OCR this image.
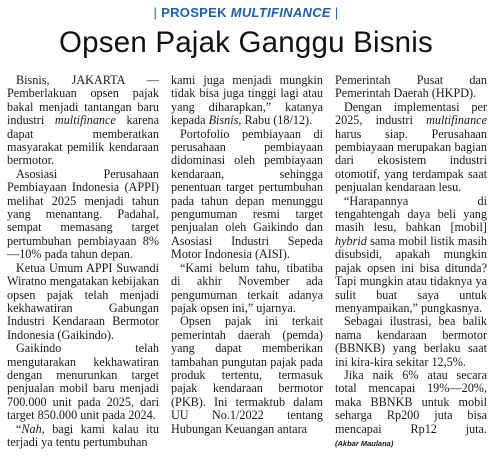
| PROSPEK MULTIFINANCE |
Opsen Pajak Ganggu Bisnis

Bisnis, JAKARTA — Pemberlakuan opsen pajak bakal menjadi tantangan baru industri multifinance karena dapat memberatkan masyarakat pemilik kendaraan bermotor.

Asosiasi Perusahaan Pembiayaan Indonesia (APPI) melihat 2025 menjadi tahun yang menantang. Padahal, sempat memasang target pertumbuhan pembiayaan 8%—10% pada tahun depan.

Ketua Umum APPI Suwandi Wiratno mengatakan kebijakan opsen pajak telah menjadi kekhawatiran Gabungan Industri Kendaraan Bermotor Indonesia (Gaikindo).

Gaikindo telah mengutarakan kekhawatiran dengan menurunkan target penjualan mobil baru menjadi 700.000 unit pada 2025, dari target 850.000 unit pada 2024.

“Nah, bagi kami kalau itu terjadi ya tentu pertumbuhan

kami juga menjadi mungkin tidak bisa juga tinggi lagi atau yang diharapkan,” katanya kepada Bisnis, Rabu (18/12).

Portofolio pembiayaan di perusahaan pembiayaan didominasi oleh pembiayaan kendaraan, sehingga penentuan target pertumbuhan pada tahun depan menunggu pengumuman resmi target penjualan oleh Gaikindo dan Asosiasi Industri Sepeda Motor Indonesia (AISI).

“Kami belum tahu, tibatiba di akhir November ada pengumuman terkait adanya pajak opsen ini,” ujarnya.

Opsen pajak ini terkait pemerintah daerah (pemda) yang dapat memberikan tambahan pungutan pajak pada produk tertentu, termasuk pajak kendaraan bermotor (PKB). Ini termaktub dalam UU No.1/2022 tentang Hubungan Keuangan antara

Pemerintah Pusat dan Pemerintah Daerah (HKPD).

Dengan implementasi per 2025, industri multifinance harus siap. Perusahaan pembiayaan merupakan bagian dari ekosistem industri otomotif, yang terdampak saat penjualan kendaraan lesu.

“Harapannya di tengahtengah daya beli yang masih lesu, bahkan [mobil] hybrid sama mobil listik masih disubsidi, apakah mungkin pajak opsen ini bisa ditunda? Tapi mungkin atau tidaknya ya sulit buat saya untuk menyampaikan,” pungkasnya.

Sebagai ilustrasi, bea balik nama kendaraan bermotor (BBNKB) yang berlaku saat ini kira-kira sekitar 12,5%.

Jika naik 6% atau secara total mencapai 19%—20%, maka BBNKB untuk mobil seharga Rp200 juta bisa mencapai Rp12 juta. (Akbar Maulana)
